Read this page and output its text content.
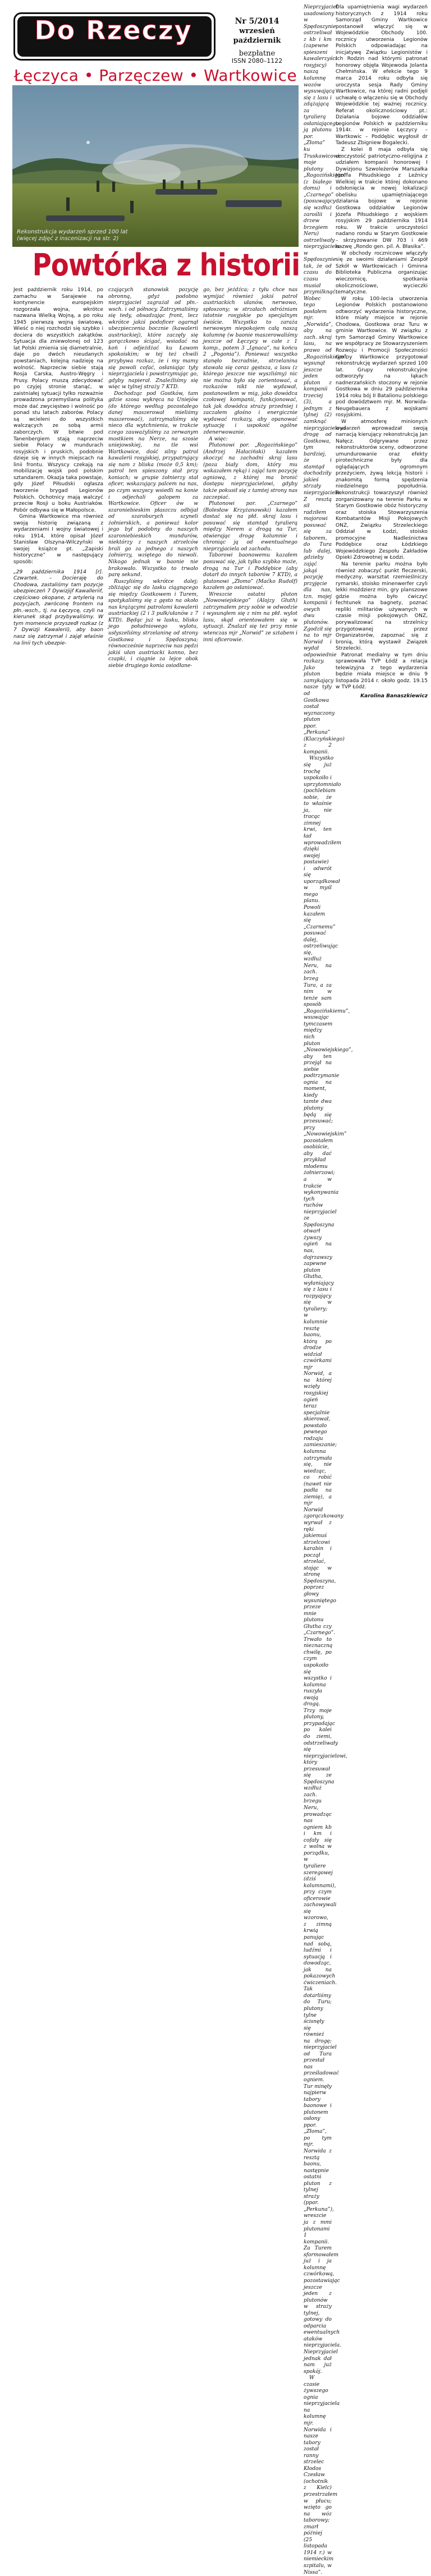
Do Rzeczy	Nr 5/2014
wrzesień
październik
bezpłatne
ISSN 2080–1122
Łęczyca • Parzęczew • Wartkowice
Rekonstrukcja wydarzeń sprzed 100 lat
(więcej zdjęć z inscenizacji na str. 2)
Powtórka z historii

Jest październik roku 1914, po zamachu w Sarajewie na kontynencie europejskim rozgorzała wojna, wkrótce nazwana Wielką Wojną, a po roku 1945 pierwszą wojną światową. Wieść o niej rozchodzi się szybko i dociera do wszystkich zakątków. Sytuacja dla zniewolonej od 123 lat Polski zmienia się diametralnie, daje po dwóch nieudanych powstaniach, kolejną nadzieję na wolność. Naprzeciw siebie stają Rosja Carska, Austro-Węgry i Prusy. Polacy muszą zdecydować po czyjej stronie stanąć, w zaistniałej sytuacji tylko rozważnie prowadzona przemyślana polityka może dać zwycięstwo i wolność po ponad stu latach zaborów. Polacy są wcieleni do wszystkich walczących ze sobą armii zaborczych. W bitwie pod Tanenbergiem stają naprzeciw siebie Polacy w mundurach rosyjskich i pruskich, podobnie dzieje się w innych miejscach na linii frontu. Wszyscy czekają na mobilizację wojsk pod polskim sztandarem. Okazja taka powstaje, gdy Józef Piłsudski ogłasza tworzenie brygad Legionów Polskich. Ochotnicy mają walczyć przeciw Rosji u boku Austriaków. Pobór odbywa się w Małopolsce.

Gmina Wartkowice ma również swoją historię związaną z wydarzeniami I wojny światowej i roku 1914, które opisał Józef Stanisław Olszyna-Wilczyński w swojej książce pt. „Zapiski historyczne” w następujący sposób:

„29 października 1914 [r]. Czwartek. – Docieraję do Chodowa, zastaliśmy tam pozycje ubezpieczeń 7 Dywizjijf Kawalleriif, częściowo okopane, z artylerią na pozycjach, zwróconę frontem na płn.-wsch., tj. na Łęczycę, czyli na kierunek skąd przybywaliśmy. W tym momencie przyszedł rozkaz (z 7 Dywizji Kawalerii), aby baon nasz się zatrzymał i zajął właśnie na linii tych ubezpie-

czających stanowisk pozycję obronną, gdyż podobno nieprzyjaciel zagrażał od płn.-wsch. i od północy. Zatrzymaliśmy się tedy, obsadzając front, lecz wkrótce jakiś podoficer ogarnął ubezpieczenia bocznie (kawalerii austriackiej), które zaczęły się gorączkowo ścigać, wsiadać na koń i odjeżdżać ku Ławom spokoiskim; w tej też chwili przybywa rozkaz, że i my mamy się powoli cofać, osłaniając tyły nieprzyjaciela i powstrzymując go, gdyby napierał. Znaleźliśmy się więc w tylnej straży 7 KTD.

Dochodząc pod Gostków, tam gdzie szosa wykręca na Uniejów (do którego według pozostałego danej maszerował mieliśmy maszerować), zatrzymaliśmy się nieco dla wytchnienia, w trakcie czego zauważyliśmy za zerwanym mostkiem na Nerze, na szosie uniejowskiej, na tle wsi Wartkowice, dość silny patrol kawalerii rosyjskiej, przypatrujący się nam z bliska (może 0,5 km); patrol ten spieszony stał przy koniach; w grupie żołnierzy stał oficer, wskazujący palcem na nas, po czym wszyscy wsiedli na konie i odjechali galopem za Wartkowice. Oficer ów w szaroniebieskim płaszczu odbijał od szaroburych szyneli żołnierskich, a ponieważ kolor jego był podobny do naszych szaroniebieskich mundurów, niektórzy z naszych strzelców brali go za jednego z naszych żołnierzy, wziętego do niewoli. Nikogo jednak w baonie nie brakowało. Wszystko to trwało parę sekund.

Ruszyliśmy wkrótce dalej; zbliżając się do lasku ciągnącego się między Gostkowem i Turem, spotykaliśmy się z gęsto na około nas krążącymi patrolami kawalerii austriackiej (2 i 3 pułk/ułanów z 7 KTD). Będąc już w lasku, blisko jego południowego wylotu, usłyszeliśmy strzelaninę od strony Gostkowa i Spędoszyna; równocześnie naprzeciw nas pędzi jakiś ułan austriacki konno, bez czapki, i ciągnie za lejce obok siebie drugiego konia osiodłane-

go, bez jeźdźca; z tyłu chce nas wymijać również jakiś patrol austriackich ułanów, nerwowo, spłoszony; w strzałach odróżniam istotnie rosyjskie po specjalnym świście. Wszystko to zaraża nerwowym niepokojem całą naszą kolumnę (w baonie maszerowaliśmy jeszcze od Łęczycy w całe z 1 komp., potem 3 „Ignaca”, na końcu 2 „Pogonia”). Ponieważ wszystko stanęło bezradnie, strzelanina stawała się coraz gęstsza, a lasu (z którego jeszcze nie wyszliśmy) nic nie można było się zorientować, a rozkazów nikt nie wydawał, postanowiłem w mig, jako dowódca czołowej kompanii, funkcjonować, tak jak dowódca straży przedniej i zaczałem głośno i energicznie wydawać rozkazy, aby opanować sytuację i uspokoić ogólne zdenerwowanie.

A więc:

Plutonowi por. „Rogozińskiego” (Andrzej Hałaciński) kazałem skoczyć na zachodni skraj lasu (poza biały dom, który mu wskazałem ręką) i zająć tam pozycję ogniową, z której ma bronić dostępu nieprzyjacielowi, gdyby także pokusił się z tamtej strony nas zaczepiać.

Plutonowi por. „Czarnego” (Bolesław Krzyżanowski) kazałem dostać się na płd. skraj lasu i posuwać się stamtąd tyralierą między Nerem a drogą na Tur, otwierając drogę kolumnie i chroniąc ją od ewentualnego nieprzyjaciela od zachodu.

Taborowi baonowemu kazałem posuwać się, jak tylko szybko może, drogą na Tur i Poddębice (aby dotarł do innych taborów 7 KTD), a plutonowi „Złomo” (Maćko Rudolf) kazałem go osłaniować.

Wreszcie ostatni pluton „Nowowiejskiego” (Alojzy Głuth) zatrzymałem przy sobie w odwodzie i wysunąłem się z nim na płd. wylot lasu, skąd orientowałem się w sytuacji. Znalazł się też przy mnie wtenczas mjr „Norwid” ze sztabem i inni oficerowie.

Nieprzyjaciel usadowiony w Spędoszynie ostrzeliwał z kb i km (zapewne spieszeni kawalerzyści rosyjscy) naszą kolumnę wozów wysuwającą się z lasu i zdążającą za tyralierą osłaniającego ją plutonu por. „Złoma” ku Truskawicowi; moje plutony „Rogozińskiego” (z białego domu) i „Czarnego” (posuwający się wzdłuż zaroślii i drzew brzegiem Neru) ostrzeliwały nieprzyjaciela w Spędoszynie tak, że od czasu do czasu musiał przymilknąć. Wobec tego posłałem mjr. „Norwida”, aby na zach. skraj lasu, na prawo od „Rogozińskiego”, wysunął jeszcze jeden pluton z kompanii trzeciej (3), a jednym z tylnej (2) zamknąć nieprzyjacielowi drogę od Gostkowa, tym bardziej, że i stamtąd dochodziły jakieś strzały nieprzyjaciela. Z resztą sił radziłem mojorowi posuwać się za taborem, do Tura lub dalej, gdzieby zająć jakąś pozycję przyjęcie dla nas, tzn. mojej kompanii i owych dwu plutonów. Zgodził się na to mjr Norwid i wydał odpowiednie rozkazy. Jako pluton zamykający nasze tyły od Gostkowa został wyznaczony pluton ppor. „Perkuna” (Klaczyńskiego) z 2 kompanii.

Wszystko się już trochę uspokoiło i uprzytomniało (pochlebiam sobie, że to właśnie ja, nie tracąc zimnej krwi, ten ład wprowadziłem dzięki swojej postawie) i odwrót się uporządkował w myśl mego planu. Powoli kazałem się „Czarnemu” posuwać dalej, ostrzeliwując się, wzdłuż Neru, na zach. brzeg Tura, a za nim w tenże sam sposób „Rogozińskiemu”, wsuwając tymczasem między nich pluton „Nowowiejskiego”, aby ten przejął na siebie podtrzymanie ognia na moment, kiedy tamte dwa plutony będą się przesuwać; przy „Nowowiejskim” pozostałem osobiście, aby dać przykład młodemu żołnierzowi; a w trakcie wykonywania tych ruchów nieprzyjaciel ze Spędoszyna otwarł żywszy ogień na nas, dojrzawszy zapewne pluton Głutha, wyłaniający się z lasu i rozpyający się w tyraliery; w kolumnie resztę baonu, którą po drodze widział czwórkami mjr Norwid, a na której wzięły rosyjskiej ogień teraz specjalnie skierował, powstało pewnego rodzaju zamieszanie; kolumna zatrzymała się, nie wiedząc, co robić (nawet nie padła na ziemię), a mjr Norwid zgorączkowany wyrwał z ręki jakiemuś strzelcowi karabin i począł strzelać, stojąc w stronę Spędoszyna, poprzez głowy wysuniętego przeze mnie plutonu Głutha czy „Czarnego”. Trwało to nieznaczną chwilę, po czym uspokoiło się wszystko i kolumna ruszyła swoją drogą. Trzy moje plutony, przypadając po kolei do ziemi, odstrzeliwały się nieprzyjacielowi, który przesuwał się ze Spędoszyna wzdłuż zach. brzegu Neru, prowadząc nas ogniem kb i km i cofały się z wolna w porządku, w tyraliere szeregowej (dziś kolumnami), przy czym oficerowie zachowywali się wzorowo, z zimną krwią panując nad sobą, ludźmi i sytuacją i dowodząc, jak na pokazowych ćwiczeniach. Tak dotarliśmy do Turu; plutony tylne ścisnęły się również na drogę; nieprzyjaciel od Tura przestał nas prześladować ogniem. Tur minęły najpierw tabory baonowe i plutonem osłony ppor. „Złoma”, po tym mjr. Norwida z resztą baonu, następnie ostatni pluton z tylnej straży (ppor. „Perkuna”), wreszcie ja z mmi plutonami 1 kompanii. Za Turem sformowałem już i ja kolumnę czwórkową, pozostawiając jeszcze jeden z plutonów w straży tylnej, gotowy do odparcia ewentualnych ataków nieprzyjaciela. Nieprzyjaciel jednak dał nam już spokój.

W czasie żywszego ognia nieprzyjaciela na kolumnę mjr. Norwida i nasze tabory został ranny strzelec Kłodos Czesław (ochotnik z Kielc) przestrzałem w płucu; wzięto go na wóz taborowy; zmarł później (25 listopada 1914 r.) w niemieckim szpitalu, w Nissa”.

Dla upamiętnienia wagi wydarzeń historycznych z 1914 roku Samorząd Gminy Wartkowice postanowił włączyć się w Wojewódzkie Obchody 100. rocznicy utworzenia Legionów Polskich odpowiadając na inicjatywę Związku Legionistów i Ich Rodzin nad którymi patronat honorowy objęła Wojewoda Jolanta Chełmińska. W efekcie tego 9 marca 2014 roku odbyła się uroczysta sesja Rady Gminy Wartkowice, na której radni podjęli uchwałę o włączeniu się w Obchody Wojewódzkie tej ważnej rocznicy. Referat okolicznościowy pt.: Działania bojowe oddziałów Legionów Polskich w październiku 1914r. w rejonie Łęczycy – Wartkowic – Poddębic wygłosił dr Tadeusz Zbigniew Bogalecki.

Z kolei 8 maja odbyła się uroczystość patriotyczno-religijna z udziałem kompanii honorowej I Dywizjonu Szwoleżerów Marszałka Józefa Piłsudskiego z Leźnicy Wielkiej w trakcie której dokonano odsłonięcia w nowej lokalizacji obelisku upamiętniającego działania bojowe w rejonie Gostkowa oddziałów Legionów Józefa Piłsudskiego z wojskiem rosyjskim 29 października 1914 roku. W trakcie uroczystości nadano rondu w Starym Gostkowie – skrzyżowanie DW 703 i 469 nazwę „Rondo gen. pil. A. Błasika”.

W obchody rocznicowe włączyły się ze swoimi działaniami Zespół Szkół w Wartkowicach i Gminna Biblioteka Publiczna organizując wieczornicę, spotkania okolicznościowe, wycieczki tematyczne.

W roku 100-lecia utworzenia Legionów Polskich postanowiono odtworzyć wydarzenia historyczne, które miały miejsce w rejonie Chodowa, Gostkowa oraz Turu w gminie Wartkowice. W związku z tym Samorząd Gminy Wartkowice we współpracy ze Stowarzyszeniem Rozwoju i Promocji Społeczności Gminy Wartkowice przygotował rekonstrukcję wydarzeń sprzed 100 lat. Grupy rekonstrukcyjne odtworzyły na łąkach nadnerzańskich stoczony w rejonie Gostkowa w dniu 29 października 1914 roku bój II Batalionu polskiego pod dowództwem mjr. M. Norwida-Neugebauera z wojskami rosyjskimi.

W atmosferę minionych wydarzeń wprowadzał swoją narracją kierujący rekonstrukcją Jan Nałęcz. Odgrywane przez rekonstruktorów sceny, odtworzone umundurowanie oraz efekty pirotechniczne były dla oglądających ogromnym przeżyciem, żywą lekcją historii i znakomitą formą spędzenia niedzielnego popołudnia. Rekonstrukcji towarzyszył również zorganizowany na terenie Parku w Starym Gostkowie obóz historyczny oraz stoiska Stowarzyszenia Kombatantów Misji Pokojowych ONZ, Związku Strzeleckiego Oddział w Łodzi, stoisko promocyjne Nadleśnictwa Poddębice oraz Łódzkiego Wojewódzkiego Zespołu Zakładów Opieki Zdrowotnej w Łodzi.

Na terenie parku można było również zobaczyć punkt fleczerski, medyczny, warsztat rzemieślniczy rymarski, stoisko minenwerfer czyli lekki moździerz min, gry planszowe gdzie można było ćwiczyć fechtunek na bagnety, poznać repliki militariów używanych w czasie misji pokojowych ONZ, porywalizować na strzelnicy przygotowanej przez Organizatorów, zapoznać się z bronią, którą wystawił Związek Strzelecki.

Patronat medialny w tym dniu sprawowała TVP Łódź a relacja telewizyjna z tego wydarzenia będzie miała miejsce w dniu 9 listopada 2014 r. około godz. 19.15 w TVP Łódź.

Karolina Banaszkiewicz
